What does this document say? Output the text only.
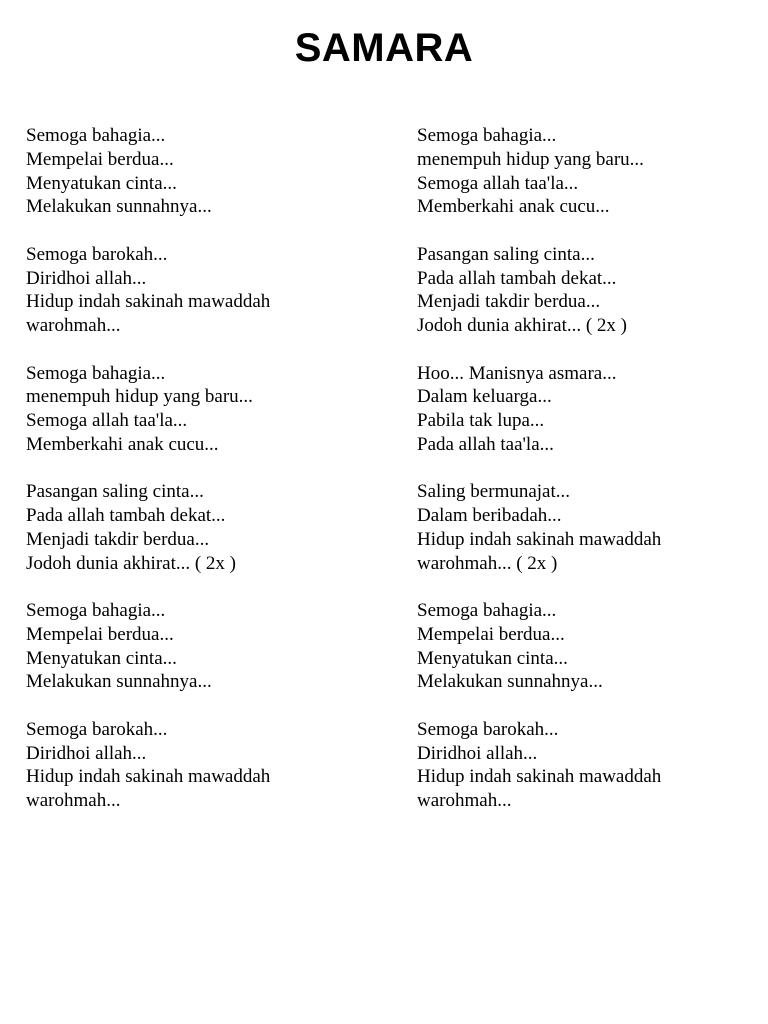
SAMARA
Semoga bahagia...
Mempelai berdua...
Menyatukan cinta...
Melakukan sunnahnya...
Semoga barokah...
Diridhoi allah...
Hidup indah sakinah mawaddah
warohmah...
Semoga bahagia...
menempuh hidup yang baru...
Semoga allah taa'la...
Memberkahi anak cucu...
Pasangan saling cinta...
Pada allah tambah dekat...
Menjadi takdir berdua...
Jodoh dunia akhirat... ( 2x )
Semoga bahagia...
Mempelai berdua...
Menyatukan cinta...
Melakukan sunnahnya...
Semoga barokah...
Diridhoi allah...
Hidup indah sakinah mawaddah
warohmah...
Semoga bahagia...
menempuh hidup yang baru...
Semoga allah taa'la...
Memberkahi anak cucu...
Pasangan saling cinta...
Pada allah tambah dekat...
Menjadi takdir berdua...
Jodoh dunia akhirat... ( 2x )
Hoo... Manisnya asmara...
Dalam keluarga...
Pabila tak lupa...
Pada allah taa'la...
Saling bermunajat...
Dalam beribadah...
Hidup indah sakinah mawaddah
warohmah... ( 2x )
Semoga bahagia...
Mempelai berdua...
Menyatukan cinta...
Melakukan sunnahnya...
Semoga barokah...
Diridhoi allah...
Hidup indah sakinah mawaddah
warohmah...
